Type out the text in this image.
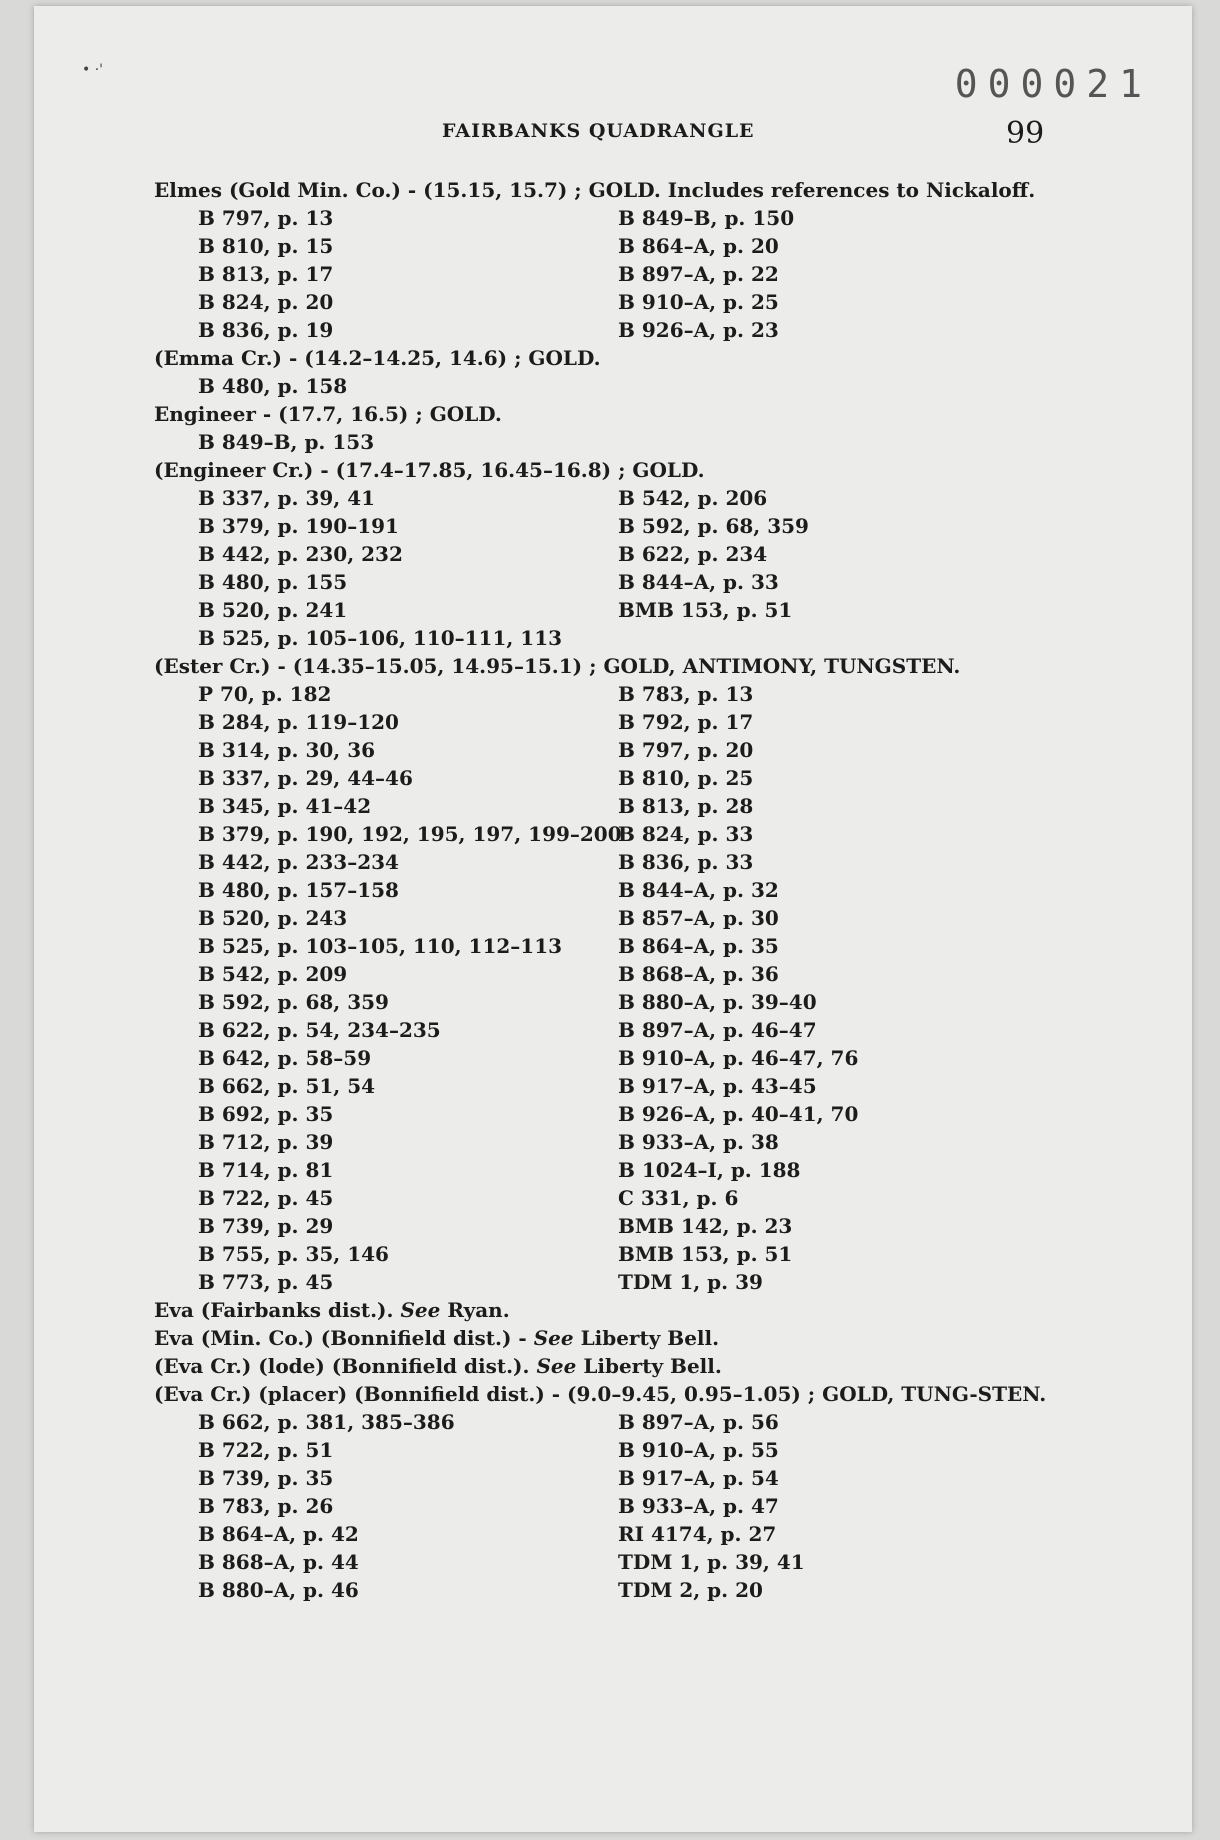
• ·'	000021
FAIRBANKS QUADRANGLE	99
Elmes (Gold Min. Co.) - (15.15, 15.7) ; GOLD. Includes references to Nickaloff.
B 797, p. 13
B 810, p. 15
B 813, p. 17
B 824, p. 20
B 836, p. 19
B 849–B, p. 150
B 864–A, p. 20
B 897–A, p. 22
B 910–A, p. 25
B 926–A, p. 23
(Emma Cr.) - (14.2–14.25, 14.6) ; GOLD.
B 480, p. 158
Engineer - (17.7, 16.5) ; GOLD.
B 849–B, p. 153
(Engineer Cr.) - (17.4–17.85, 16.45–16.8) ; GOLD.
B 337, p. 39, 41
B 379, p. 190–191
B 442, p. 230, 232
B 480, p. 155
B 520, p. 241
B 525, p. 105–106, 110–111, 113
B 542, p. 206
B 592, p. 68, 359
B 622, p. 234
B 844–A, p. 33
BMB 153, p. 51
(Ester Cr.) - (14.35–15.05, 14.95–15.1) ; GOLD, ANTIMONY, TUNGSTEN.
P 70, p. 182
B 284, p. 119–120
B 314, p. 30, 36
B 337, p. 29, 44–46
B 345, p. 41–42
B 379, p. 190, 192, 195, 197, 199–200
B 442, p. 233–234
B 480, p. 157–158
B 520, p. 243
B 525, p. 103–105, 110, 112–113
B 542, p. 209
B 592, p. 68, 359
B 622, p. 54, 234–235
B 642, p. 58–59
B 662, p. 51, 54
B 692, p. 35
B 712, p. 39
B 714, p. 81
B 722, p. 45
B 739, p. 29
B 755, p. 35, 146
B 773, p. 45
B 783, p. 13
B 792, p. 17
B 797, p. 20
B 810, p. 25
B 813, p. 28
B 824, p. 33
B 836, p. 33
B 844–A, p. 32
B 857–A, p. 30
B 864–A, p. 35
B 868–A, p. 36
B 880–A, p. 39–40
B 897–A, p. 46–47
B 910–A, p. 46–47, 76
B 917–A, p. 43–45
B 926–A, p. 40–41, 70
B 933–A, p. 38
B 1024–I, p. 188
C 331, p. 6
BMB 142, p. 23
BMB 153, p. 51
TDM 1, p. 39
Eva (Fairbanks dist.). See Ryan.
Eva (Min. Co.) (Bonnifield dist.) - See Liberty Bell.
(Eva Cr.) (lode) (Bonnifield dist.). See Liberty Bell.
(Eva Cr.) (placer) (Bonnifield dist.) - (9.0–9.45, 0.95–1.05) ; GOLD, TUNG-STEN.
B 662, p. 381, 385–386
B 722, p. 51
B 739, p. 35
B 783, p. 26
B 864–A, p. 42
B 868–A, p. 44
B 880–A, p. 46
B 897–A, p. 56
B 910–A, p. 55
B 917–A, p. 54
B 933–A, p. 47
RI 4174, p. 27
TDM 1, p. 39, 41
TDM 2, p. 20
